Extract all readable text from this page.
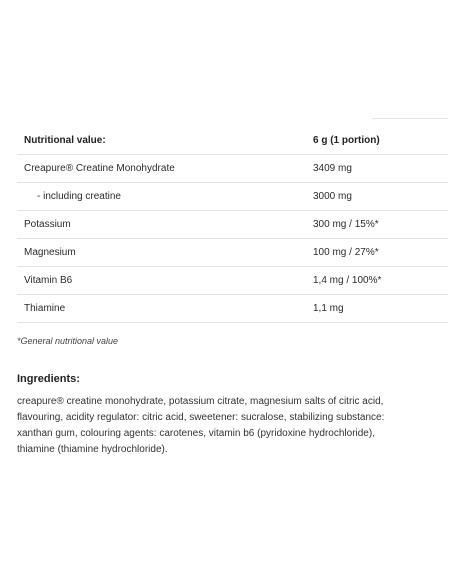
Nutritional value:	6 g (1 portion)
Creapure® Creatine Monohydrate	3409 mg
- including creatine	3000 mg
Potassium	300 mg / 15%*
Magnesium	100 mg / 27%*
Vitamin B6	1,4 mg / 100%*
Thiamine	1,1 mg
*General nutritional value
Ingredients:

creapure® creatine monohydrate, potassium citrate, magnesium salts of citric acid,
flavouring, acidity regulator: citric acid, sweetener: sucralose, stabilizing substance:
xanthan gum, colouring agents: carotenes, vitamin b6 (pyridoxine hydrochloride),
thiamine (thiamine hydrochloride).
